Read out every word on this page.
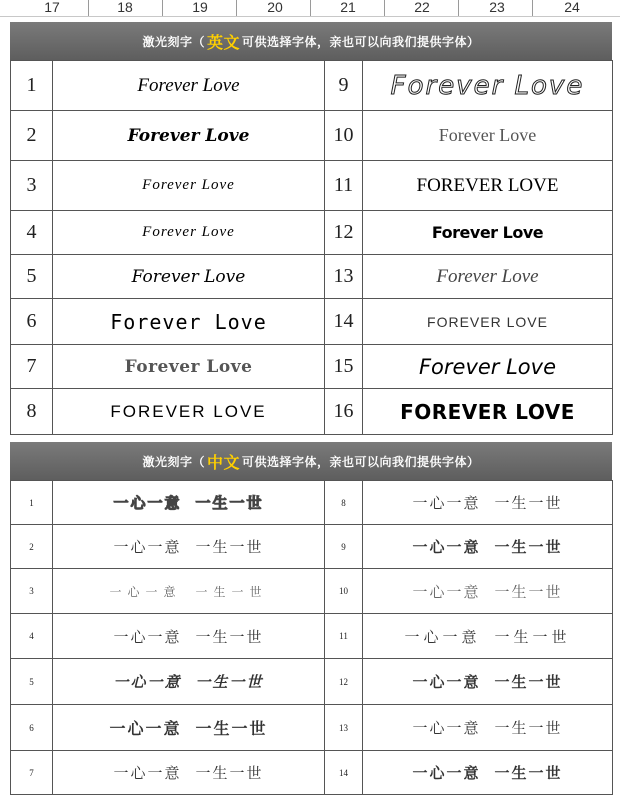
17	18	19	20	21	22	23	24
激光刻字（ 英文 可供选择字体，亲也可以向我们提供字体）
1	Forever Love	9	Forever Love
2	Forever Love	10	Forever Love
3	Forever Love	11	FOREVER LOVE
4	Forever Love	12	Forever Love
5	Forever Love	13	Forever Love
6	Forever Love	14	FOREVER LOVE
7	Forever Love	15	Forever Love
8	FOREVER LOVE	16	FOREVER LOVE
激光刻字（ 中文 可供选择字体，亲也可以向我们提供字体）
1	一心一意 一生一世	8	一心一意 一生一世
2	一心一意 一生一世	9	一心一意 一生一世
3	一心一意 一生一世	10	一心一意 一生一世
4	一心一意 一生一世	11	一心一意 一生一世
5	一心一意 一生一世	12	一心一意 一生一世
6	一心一意 一生一世	13	一心一意 一生一世
7	一心一意 一生一世	14	一心一意 一生一世
